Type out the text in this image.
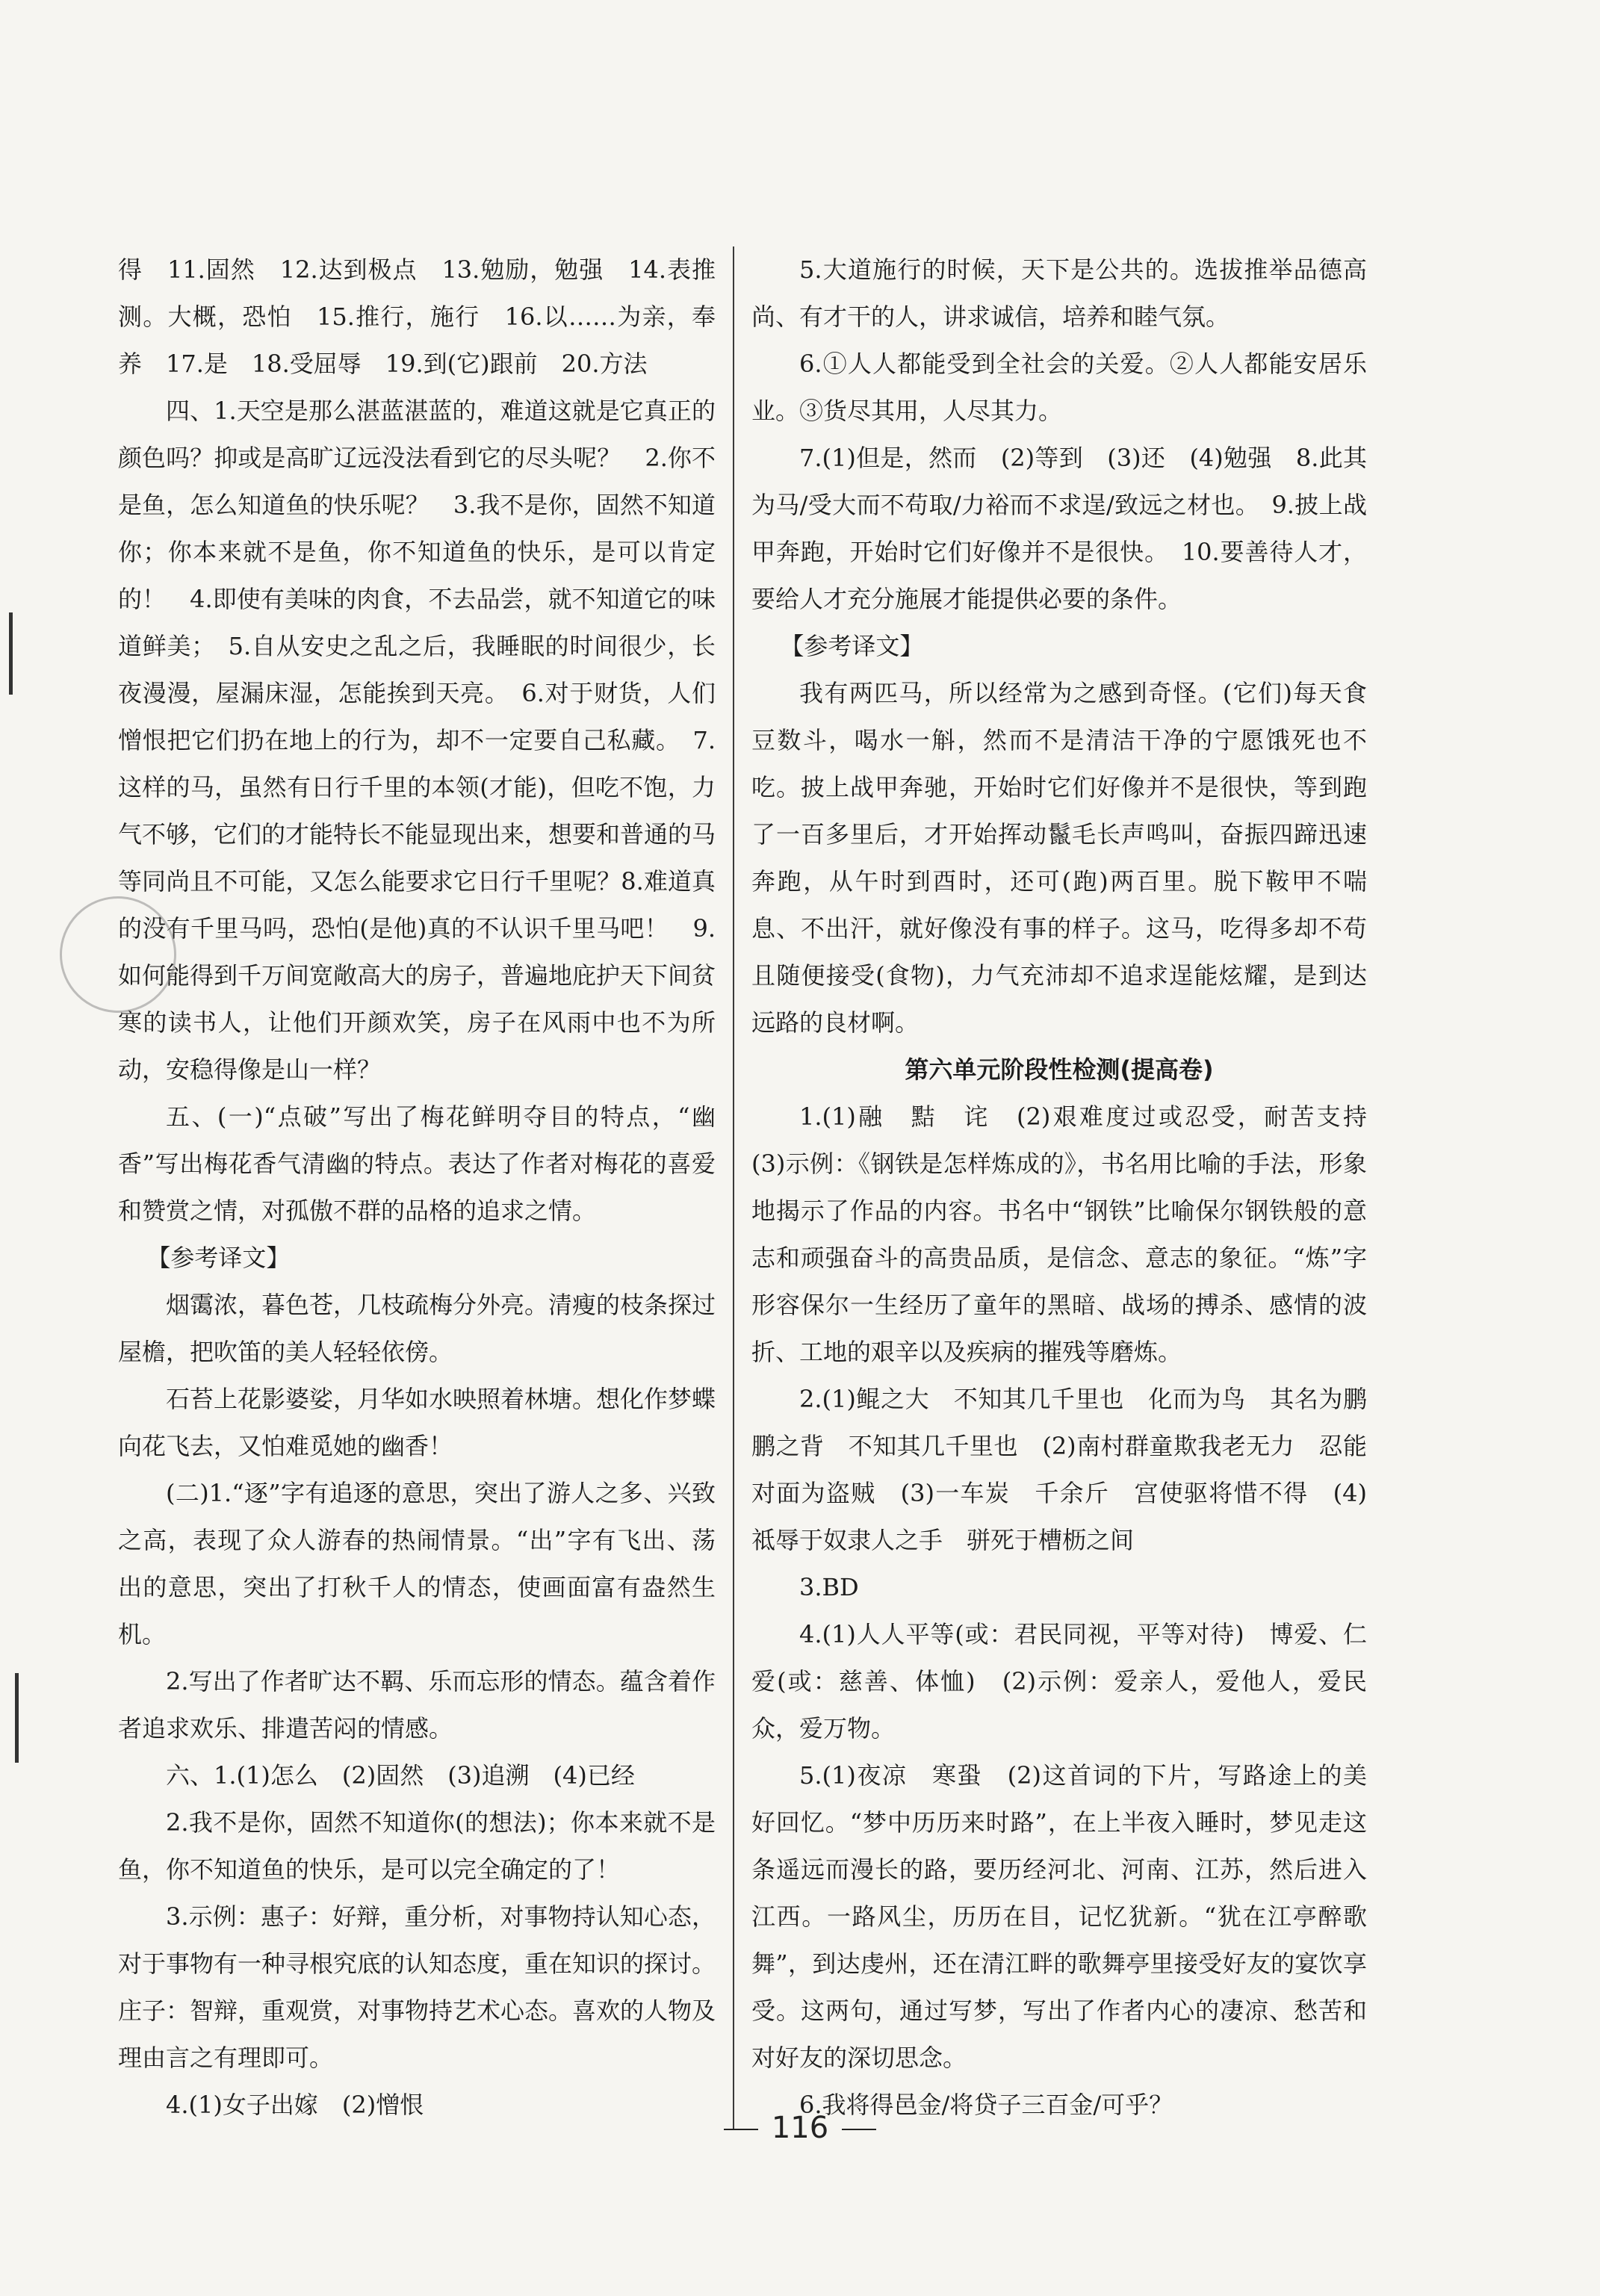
得　11.固然　12.达到极点　13.勉励，勉强　14.表推测。大概，恐怕　15.推行，施行　16.以……为亲，奉养　17.是　18.受屈辱　19.到(它)跟前　20.方法

四、1.天空是那么湛蓝湛蓝的，难道这就是它真正的颜色吗？抑或是高旷辽远没法看到它的尽头呢？　2.你不是鱼，怎么知道鱼的快乐呢？　3.我不是你，固然不知道你；你本来就不是鱼，你不知道鱼的快乐，是可以肯定的！　4.即使有美味的肉食，不去品尝，就不知道它的味道鲜美；　5.自从安史之乱之后，我睡眠的时间很少，长夜漫漫，屋漏床湿，怎能挨到天亮。　6.对于财货，人们憎恨把它们扔在地上的行为，却不一定要自己私藏。　7.这样的马，虽然有日行千里的本领(才能)，但吃不饱，力气不够，它们的才能特长不能显现出来，想要和普通的马等同尚且不可能，又怎么能要求它日行千里呢？8.难道真的没有千里马吗，恐怕(是他)真的不认识千里马吧！　9.如何能得到千万间宽敞高大的房子，普遍地庇护天下间贫寒的读书人，让他们开颜欢笑，房子在风雨中也不为所动，安稳得像是山一样？

五、(一)“点破”写出了梅花鲜明夺目的特点，“幽香”写出梅花香气清幽的特点。表达了作者对梅花的喜爱和赞赏之情，对孤傲不群的品格的追求之情。

【参考译文】

烟霭浓，暮色苍，几枝疏梅分外亮。清瘦的枝条探过屋檐，把吹笛的美人轻轻依傍。

石苔上花影婆娑，月华如水映照着林塘。想化作梦蝶向花飞去，又怕难觅她的幽香！

(二)1.“逐”字有追逐的意思，突出了游人之多、兴致之高，表现了众人游春的热闹情景。“出”字有飞出、荡出的意思，突出了打秋千人的情态，使画面富有盎然生机。

2.写出了作者旷达不羁、乐而忘形的情态。蕴含着作者追求欢乐、排遣苦闷的情感。

六、1.(1)怎么　(2)固然　(3)追溯　(4)已经

2.我不是你，固然不知道你(的想法)；你本来就不是鱼，你不知道鱼的快乐，是可以完全确定的了！

3.示例：惠子：好辩，重分析，对事物持认知心态，对于事物有一种寻根究底的认知态度，重在知识的探讨。庄子：智辩，重观赏，对事物持艺术心态。喜欢的人物及理由言之有理即可。

4.(1)女子出嫁　(2)憎恨

5.大道施行的时候，天下是公共的。选拔推举品德高尚、有才干的人，讲求诚信，培养和睦气氛。

6.①人人都能受到全社会的关爱。②人人都能安居乐业。③货尽其用，人尽其力。

7.(1)但是，然而　(2)等到　(3)还　(4)勉强　8.此其为马/受大而不苟取/力裕而不求逞/致远之材也。　9.披上战甲奔跑，开始时它们好像并不是很快。　10.要善待人才，要给人才充分施展才能提供必要的条件。

【参考译文】

我有两匹马，所以经常为之感到奇怪。(它们)每天食豆数斗，喝水一斛，然而不是清洁干净的宁愿饿死也不吃。披上战甲奔驰，开始时它们好像并不是很快，等到跑了一百多里后，才开始挥动鬣毛长声鸣叫，奋振四蹄迅速奔跑，从午时到酉时，还可(跑)两百里。脱下鞍甲不喘息、不出汗，就好像没有事的样子。这马，吃得多却不苟且随便接受(食物)，力气充沛却不追求逞能炫耀，是到达远路的良材啊。

第六单元阶段性检测(提高卷)

1.(1)融　黠　诧　(2)艰难度过或忍受，耐苦支持　(3)示例：《钢铁是怎样炼成的》，书名用比喻的手法，形象地揭示了作品的内容。书名中“钢铁”比喻保尔钢铁般的意志和顽强奋斗的高贵品质，是信念、意志的象征。“炼”字形容保尔一生经历了童年的黑暗、战场的搏杀、感情的波折、工地的艰辛以及疾病的摧残等磨炼。

2.(1)鲲之大　不知其几千里也　化而为鸟　其名为鹏　鹏之背　不知其几千里也　(2)南村群童欺我老无力　忍能对面为盗贼　(3)一车炭　千余斤　宫使驱将惜不得　(4)祗辱于奴隶人之手　骈死于槽枥之间

3.BD

4.(1)人人平等(或：君民同视，平等对待)　博爱、仁爱(或：慈善、体恤)　(2)示例：爱亲人，爱他人，爱民众，爱万物。

5.(1)夜凉　寒蛩　(2)这首词的下片，写路途上的美好回忆。“梦中历历来时路”，在上半夜入睡时，梦见走这条遥远而漫长的路，要历经河北、河南、江苏，然后进入江西。一路风尘，历历在目，记忆犹新。“犹在江亭醉歌舞”，到达虔州，还在清江畔的歌舞亭里接受好友的宴饮享受。这两句，通过写梦，写出了作者内心的凄凉、愁苦和对好友的深切思念。

6.我将得邑金/将贷子三百金/可乎？

116
